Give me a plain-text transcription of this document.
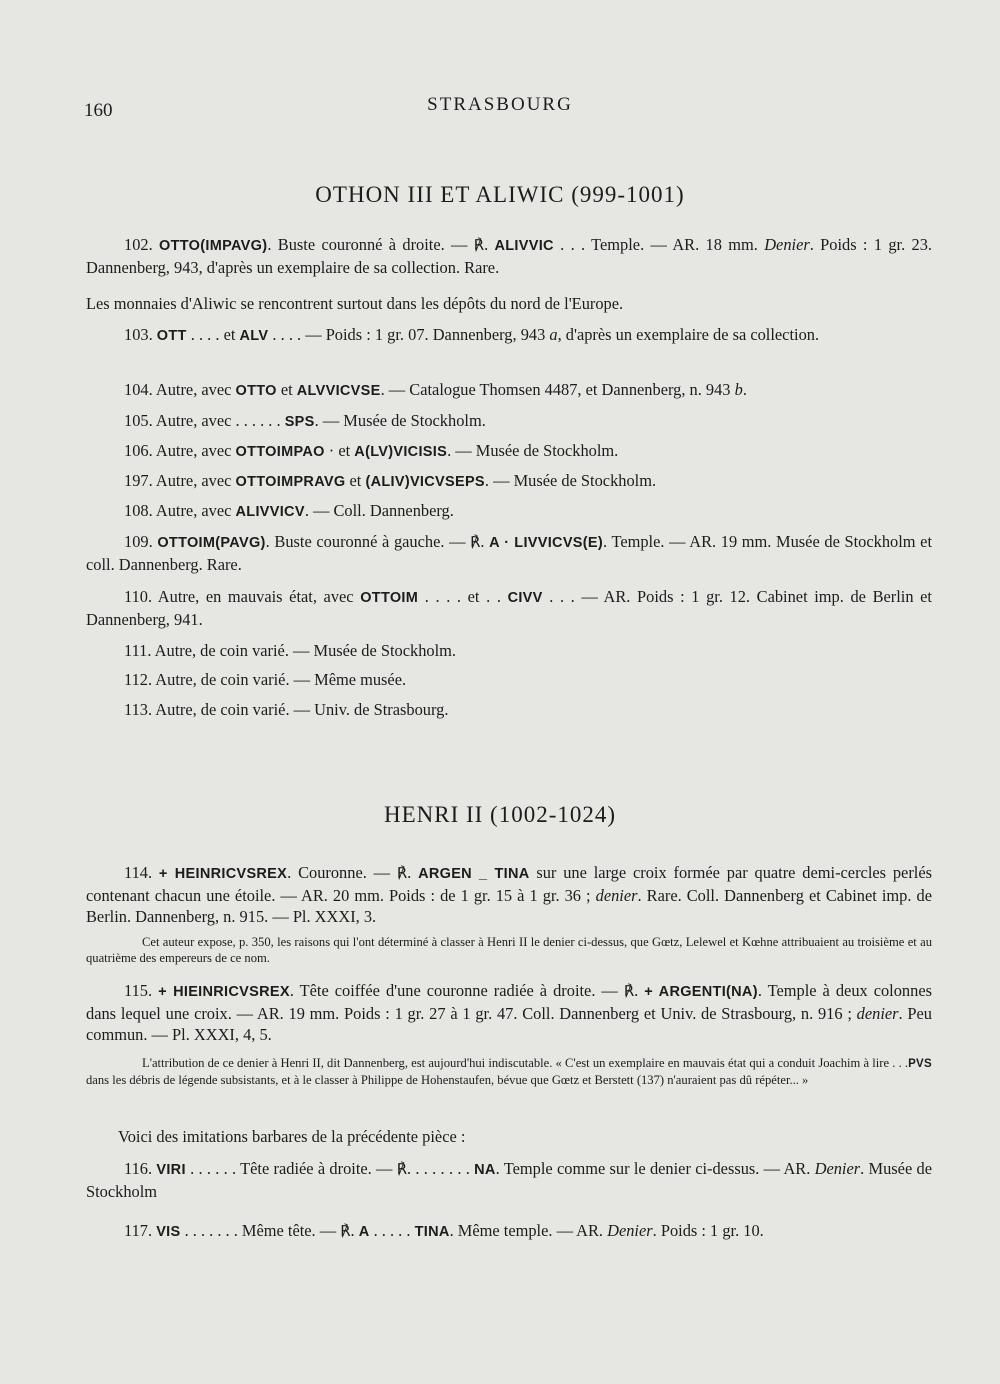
160	STRASBOURG
OTHON III ET ALIWIC (999-1001)

102. OTTO(IMPAVG). Buste couronné à droite. — ℟. ALIVVIC . . . Temple. — AR. 18 mm. Denier. Poids : 1 gr. 23. Dannenberg, 943, d'après un exemplaire de sa collection. Rare.

Les monnaies d'Aliwic se rencontrent surtout dans les dépôts du nord de l'Europe.

103. OTT . . . . et ALV . . . . — Poids : 1 gr. 07. Dannenberg, 943 a, d'après un exemplaire de sa collection.

104. Autre, avec OTTO et ALVVICVSE. — Catalogue Thomsen 4487, et Dannenberg, n. 943 b.

105. Autre, avec . . . . . . SPS. — Musée de Stockholm.

106. Autre, avec OTTOIMPAO · et A(LV)VICISIS. — Musée de Stockholm.

197. Autre, avec OTTOIMPRAVG et (ALIV)VICVSEPS. — Musée de Stockholm.

108. Autre, avec ALIVVICV. — Coll. Dannenberg.

109. OTTOIM(PAVG). Buste couronné à gauche. — ℟. A · LIVVICVS(E). Temple. — AR. 19 mm. Musée de Stockholm et coll. Dannenberg. Rare.

110. Autre, en mauvais état, avec OTTOIM . . . . et . . CIVV . . . — AR. Poids : 1 gr. 12. Cabinet imp. de Berlin et Dannenberg, 941.

111. Autre, de coin varié. — Musée de Stockholm.

112. Autre, de coin varié. — Même musée.

113. Autre, de coin varié. — Univ. de Strasbourg.

HENRI II (1002-1024)

114. + HEINRICVSREX. Couronne. — ℟. ARGEN _ TINA sur une large croix formée par quatre demi-cercles perlés contenant chacun une étoile. — AR. 20 mm. Poids : de 1 gr. 15 à 1 gr. 36 ; denier. Rare. Coll. Dannenberg et Cabinet imp. de Berlin. Dannenberg, n. 915. — Pl. XXXI, 3.

Cet auteur expose, p. 350, les raisons qui l'ont déterminé à classer à Henri II le denier ci-dessus, que Gœtz, Lelewel et Kœhne attribuaient au troisième et au quatrième des empereurs de ce nom.

115. + HIEINRICVSREX. Tête coiffée d'une couronne radiée à droite. — ℟. + ARGENTI(NA). Temple à deux colonnes dans lequel une croix. — AR. 19 mm. Poids : 1 gr. 27 à 1 gr. 47. Coll. Dannenberg et Univ. de Strasbourg, n. 916 ; denier. Peu commun. — Pl. XXXI, 4, 5.

L'attribution de ce denier à Henri II, dit Dannenberg, est aujourd'hui indiscutable. « C'est un exemplaire en mauvais état qui a conduit Joachim à lire . . .PVS dans les débris de légende subsistants, et à le classer à Philippe de Hohenstaufen, bévue que Gœtz et Berstett (137) n'auraient pas dû répéter... »

Voici des imitations barbares de la précédente pièce :

116. VIRI . . . . . . Tête radiée à droite. — ℟. . . . . . . . NA. Temple comme sur le denier ci-dessus. — AR. Denier. Musée de Stockholm

117. VIS . . . . . . . Même tête. — ℟. A . . . . . TINA. Même temple. — AR. Denier. Poids : 1 gr. 10.
